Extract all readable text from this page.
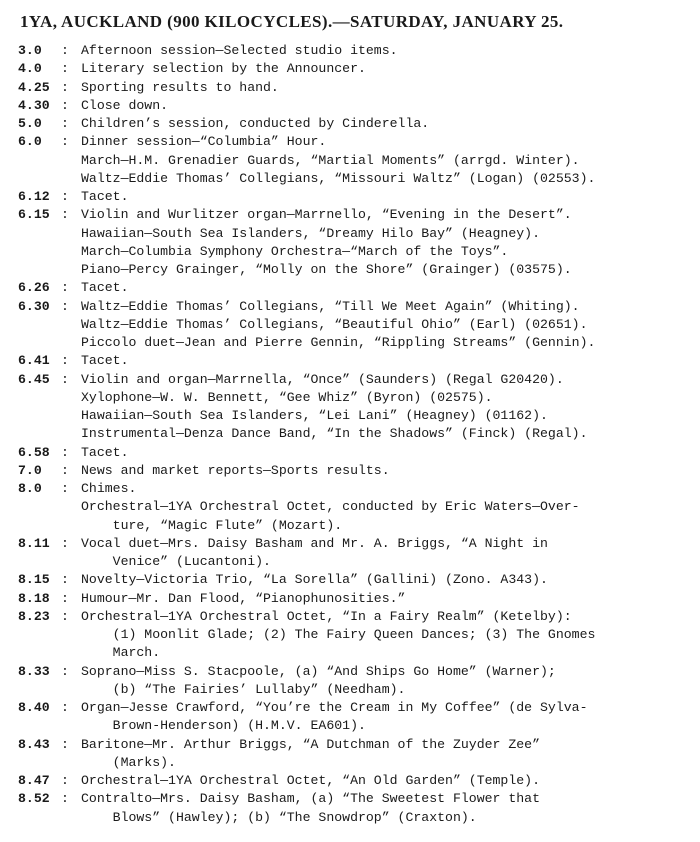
1YA, AUCKLAND (900 KILOCYCLES).—SATURDAY, JANUARY 25.
3.0	: Afternoon session—Selected studio items.
4.0	: Literary selection by the Announcer.
4.25 : Sporting results to hand.
4.30 : Close down.
5.0	: Children’s session, conducted by Cinderella.
6.0	: Dinner session—“Columbia” Hour.
March—H.M. Grenadier Guards, “Martial Moments” (arrgd. Winter).
Waltz—Eddie Thomas’ Collegians, “Missouri Waltz” (Logan) (02553).
6.12 : Tacet.
6.15 : Violin and Wurlitzer organ—Marrnello, “Evening in the Desert”.
Hawaiian—South Sea Islanders, “Dreamy Hilo Bay” (Heagney).
March—Columbia Symphony Orchestra—“March of the Toys”.
Piano—Percy Grainger, “Molly on the Shore” (Grainger) (03575).
6.26 : Tacet.
6.30 : Waltz—Eddie Thomas’ Collegians, “Till We Meet Again” (Whiting).
Waltz—Eddie Thomas’ Collegians, “Beautiful Ohio” (Earl) (02651).
Piccolo duet—Jean and Pierre Gennin, “Rippling Streams” (Gennin).
6.41 : Tacet.
6.45 : Violin and organ—Marrnella, “Once” (Saunders) (Regal G20420).
Xylophone—W. W. Bennett, “Gee Whiz” (Byron) (02575).
Hawaiian—South Sea Islanders, “Lei Lani” (Heagney) (01162).
Instrumental—Denza Dance Band, “In the Shadows” (Finck) (Regal).
6.58 : Tacet.
7.0	: News and market reports—Sports results.
8.0	: Chimes.
Orchestral—1YA Orchestral Octet, conducted by Eric Waters—Over-
ture, “Magic Flute” (Mozart).
8.11 : Vocal duet—Mrs. Daisy Basham and Mr. A. Briggs, “A Night in
Venice” (Lucantoni).
8.15 : Novelty—Victoria Trio, “La Sorella” (Gallini) (Zono. A343).
8.18 : Humour—Mr. Dan Flood, “Pianophunosities.”
8.23 : Orchestral—1YA Orchestral Octet, “In a Fairy Realm” (Ketelby):
(1) Moonlit Glade; (2) The Fairy Queen Dances; (3) The Gnomes
March.
8.33 : Soprano—Miss S. Stacpoole, (a) “And Ships Go Home” (Warner);
(b) “The Fairies’ Lullaby” (Needham).
8.40 : Organ—Jesse Crawford, “You’re the Cream in My Coffee” (de Sylva-
Brown-Henderson) (H.M.V. EA601).
8.43 : Baritone—Mr. Arthur Briggs, “A Dutchman of the Zuyder Zee”
(Marks).
8.47 : Orchestral—1YA Orchestral Octet, “An Old Garden” (Temple).
8.52 : Contralto—Mrs. Daisy Basham, (a) “The Sweetest Flower that
Blows” (Hawley); (b) “The Snowdrop” (Craxton).
